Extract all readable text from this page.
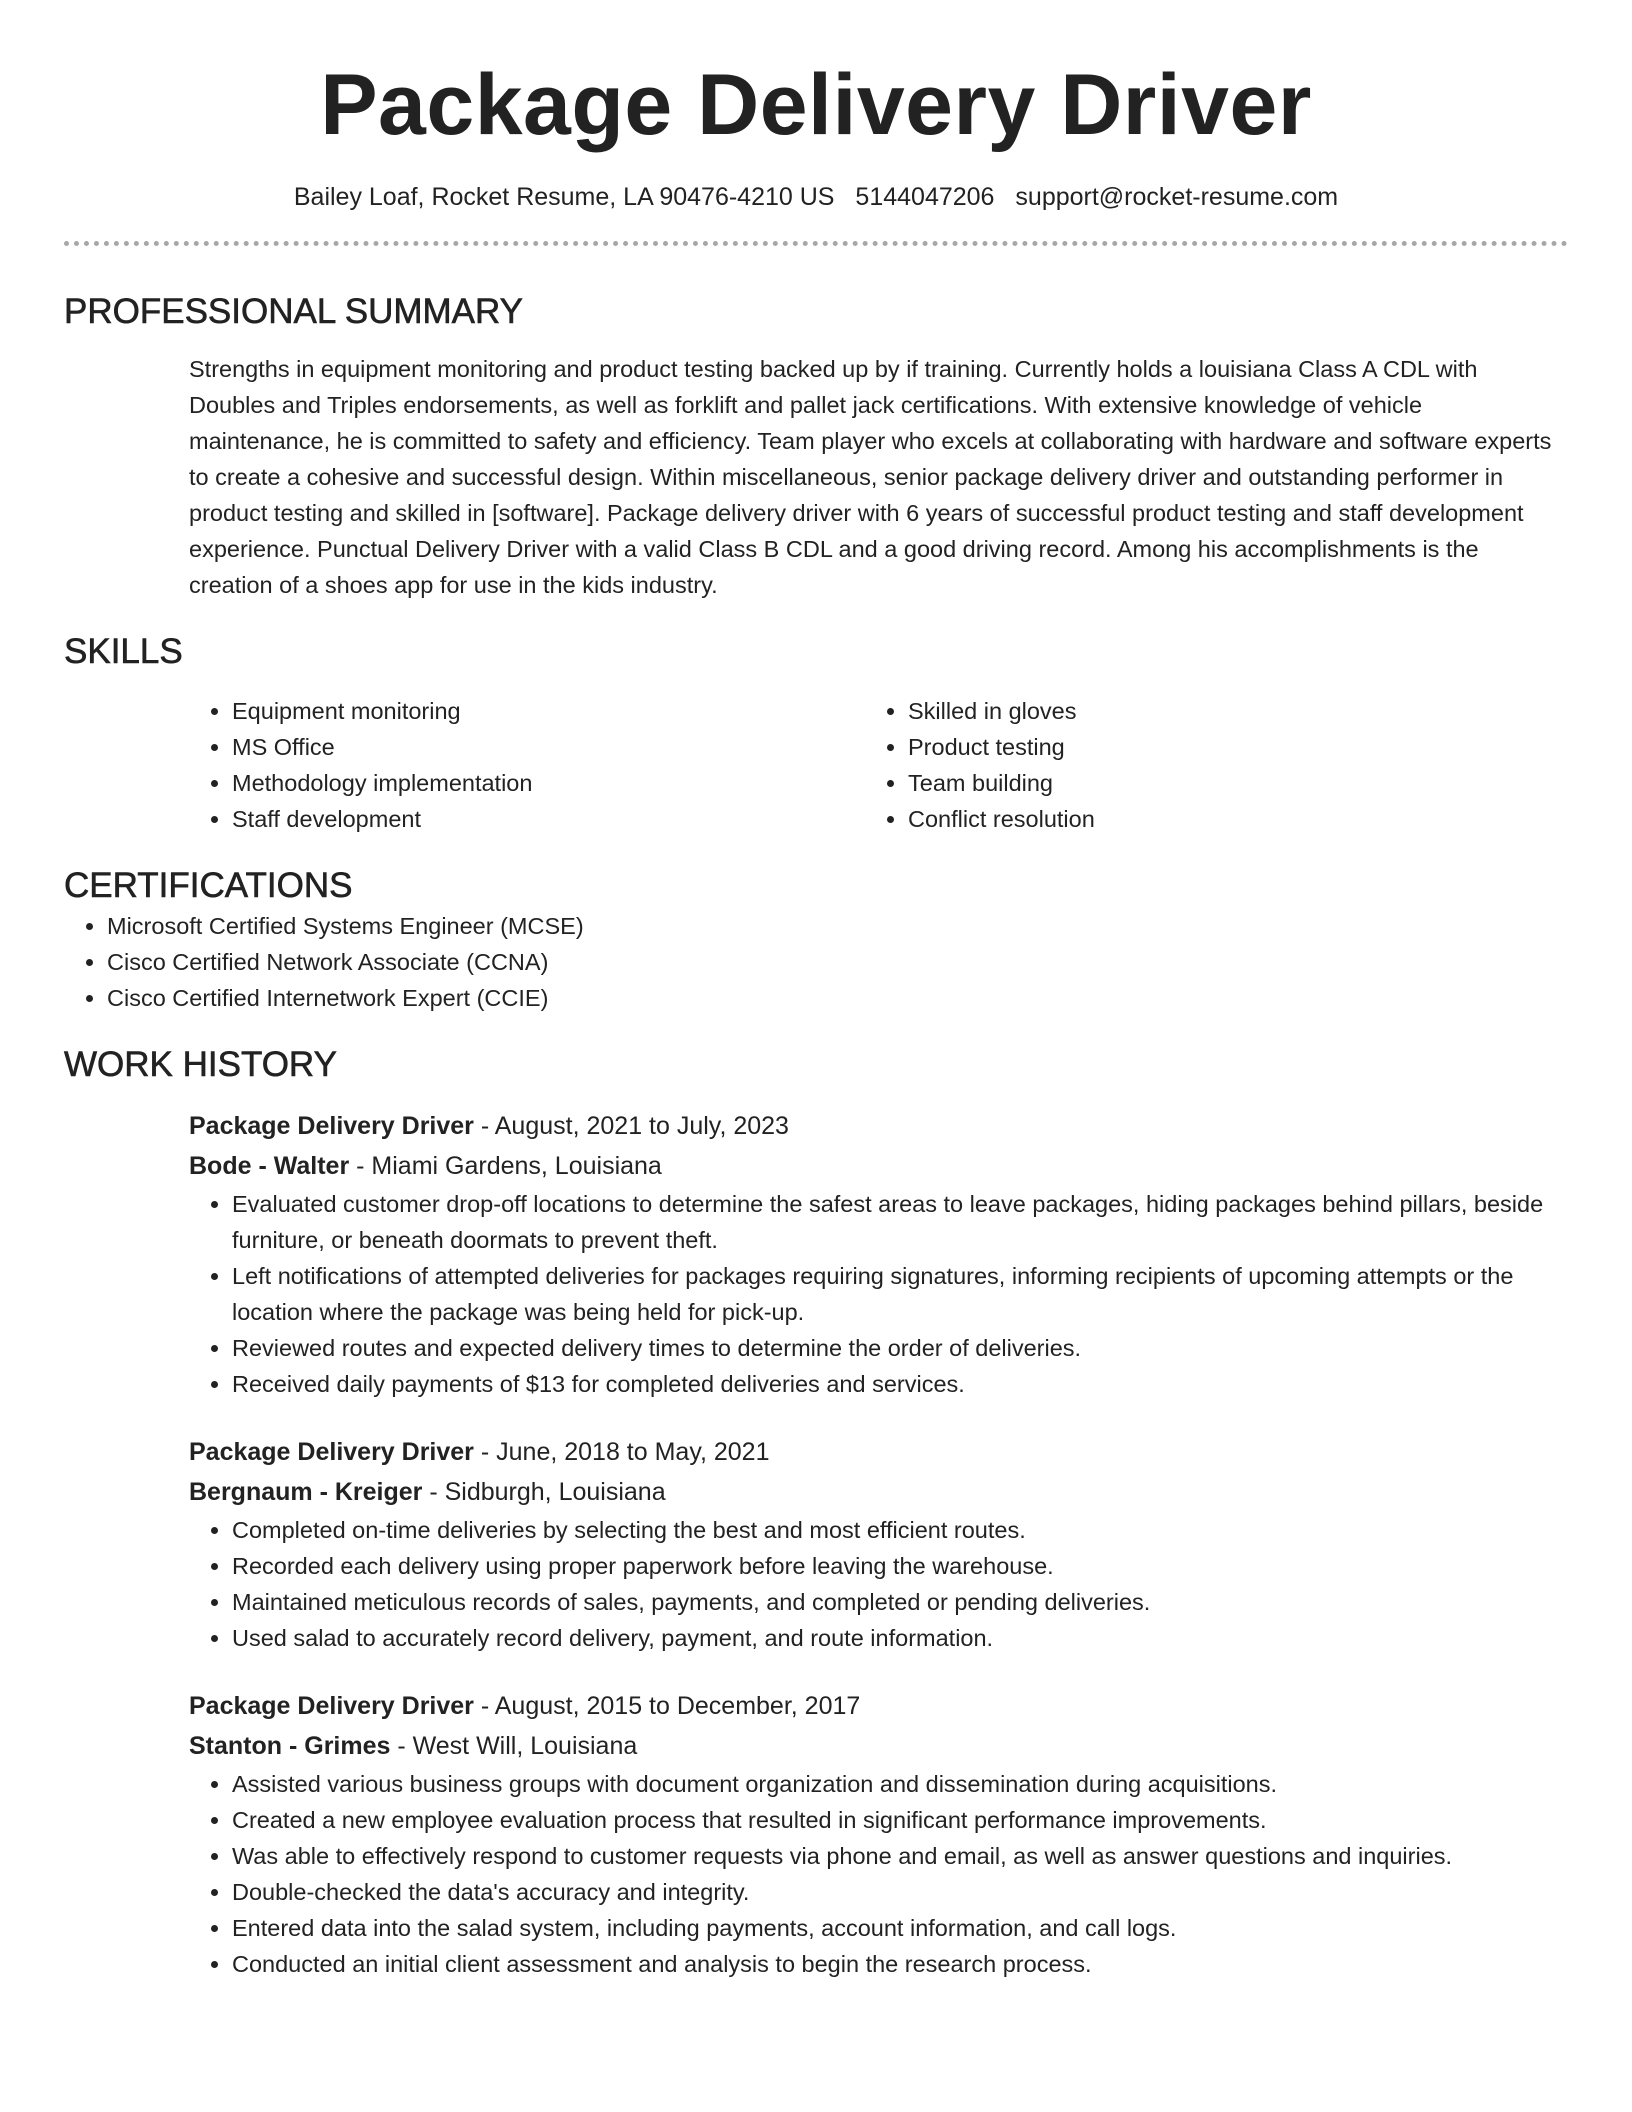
Package Delivery Driver
Bailey Loaf, Rocket Resume, LA 90476-4210 US 5144047206 support@rocket-resume.com
PROFESSIONAL SUMMARY

Strengths in equipment monitoring and product testing backed up by if training. Currently holds a louisiana Class A CDL with Doubles and Triples endorsements, as well as forklift and pallet jack certifications. With extensive knowledge of vehicle maintenance, he is committed to safety and efficiency. Team player who excels at collaborating with hardware and software experts to create a cohesive and successful design. Within miscellaneous, senior package delivery driver and outstanding performer in product testing and skilled in [software]. Package delivery driver with 6 years of successful product testing and staff development experience. Punctual Delivery Driver with a valid Class B CDL and a good driving record. Among his accomplishments is the creation of a shoes app for use in the kids industry.

SKILLS
• Equipment monitoring
• MS Office
• Methodology implementation
• Staff development
• Skilled in gloves
• Product testing
• Team building
• Conflict resolution
CERTIFICATIONS
• Microsoft Certified Systems Engineer (MCSE)
• Cisco Certified Network Associate (CCNA)
• Cisco Certified Internetwork Expert (CCIE)
WORK HISTORY
Package Delivery Driver - August, 2021 to July, 2023
Bode - Walter - Miami Gardens, Louisiana
• Evaluated customer drop-off locations to determine the safest areas to leave packages, hiding packages behind pillars, beside furniture, or beneath doormats to prevent theft.
• Left notifications of attempted deliveries for packages requiring signatures, informing recipients of upcoming attempts or the location where the package was being held for pick-up.
• Reviewed routes and expected delivery times to determine the order of deliveries.
• Received daily payments of $13 for completed deliveries and services.
Package Delivery Driver - June, 2018 to May, 2021
Bergnaum - Kreiger - Sidburgh, Louisiana
• Completed on-time deliveries by selecting the best and most efficient routes.
• Recorded each delivery using proper paperwork before leaving the warehouse.
• Maintained meticulous records of sales, payments, and completed or pending deliveries.
• Used salad to accurately record delivery, payment, and route information.
Package Delivery Driver - August, 2015 to December, 2017
Stanton - Grimes - West Will, Louisiana
• Assisted various business groups with document organization and dissemination during acquisitions.
• Created a new employee evaluation process that resulted in significant performance improvements.
• Was able to effectively respond to customer requests via phone and email, as well as answer questions and inquiries.
• Double-checked the data's accuracy and integrity.
• Entered data into the salad system, including payments, account information, and call logs.
• Conducted an initial client assessment and analysis to begin the research process.
